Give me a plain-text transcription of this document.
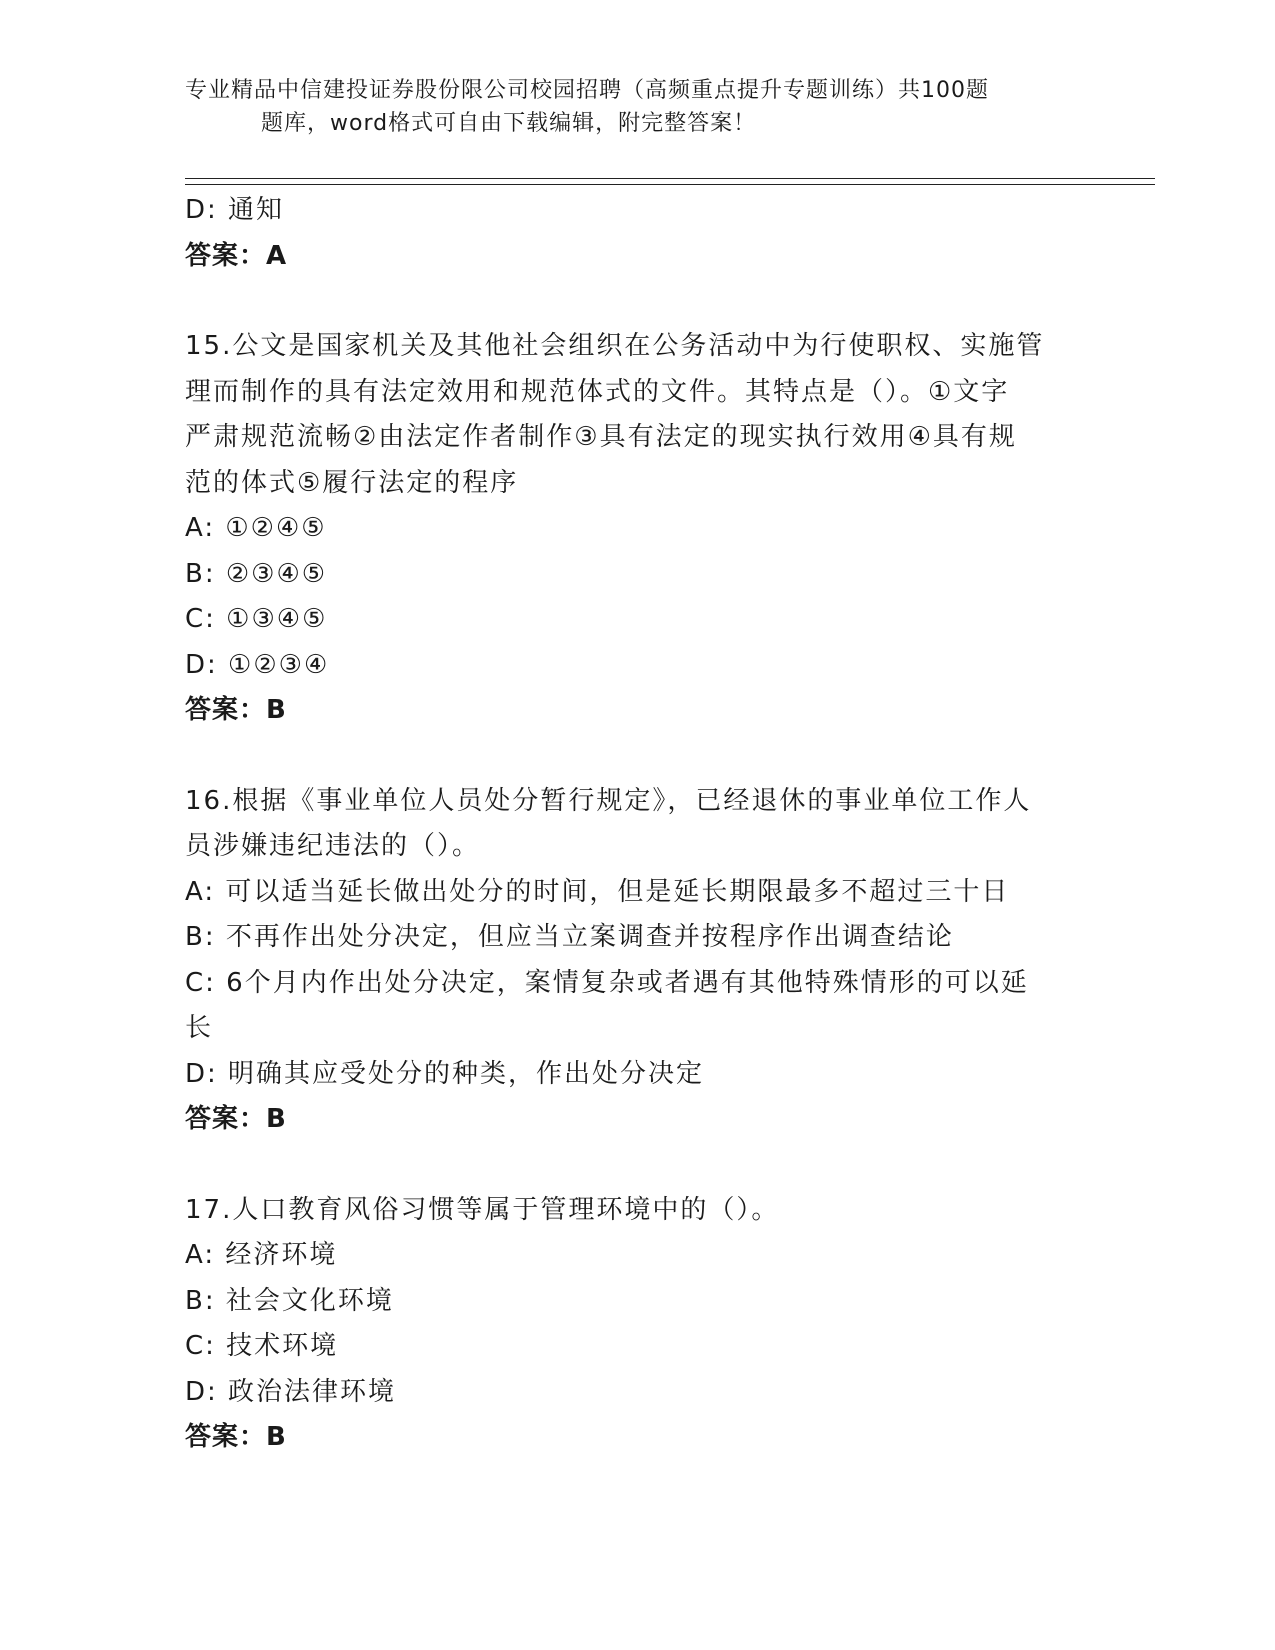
专业精品中信建投证券股份限公司校园招聘（高频重点提升专题训练）共100题
题库，word格式可自由下载编辑，附完整答案！
D: 通知
答案：A
15.公文是国家机关及其他社会组织在公务活动中为行使职权、实施管
理而制作的具有法定效用和规范体式的文件。其特点是（）。①文字
严肃规范流畅②由法定作者制作③具有法定的现实执行效用④具有规
范的体式⑤履行法定的程序
A: ①②④⑤
B: ②③④⑤
C: ①③④⑤
D: ①②③④
答案：B
16.根据《事业单位人员处分暂行规定》，已经退休的事业单位工作人
员涉嫌违纪违法的（）。
A: 可以适当延长做出处分的时间，但是延长期限最多不超过三十日
B: 不再作出处分决定，但应当立案调查并按程序作出调查结论
C: 6个月内作出处分决定，案情复杂或者遇有其他特殊情形的可以延
长
D: 明确其应受处分的种类，作出处分决定
答案：B
17.人口教育风俗习惯等属于管理环境中的（）。
A: 经济环境
B: 社会文化环境
C: 技术环境
D: 政治法律环境
答案：B
